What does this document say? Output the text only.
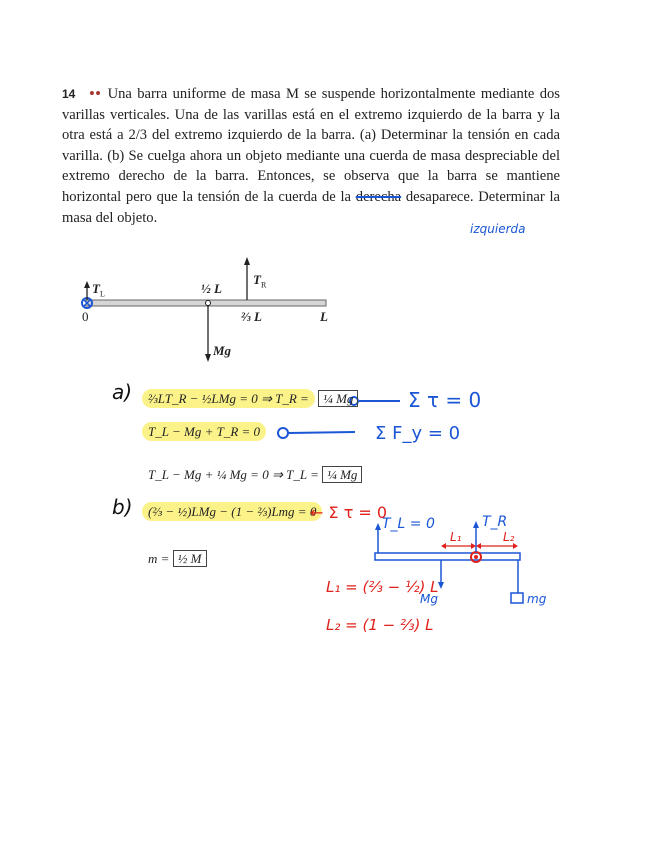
14 •• Una barra uniforme de masa M se suspende horizontalmente mediante dos varillas verticales. Una de las varillas está en el extremo izquierdo de la barra y la otra está a 2/3 del extremo izquierdo de la barra. (a) Determinar la tensión en cada varilla. (b) Se cuelga ahora un objeto mediante una cuerda de masa despreciable del extremo derecho de la barra. Entonces, se observa que la barra se mantiene horizontal pero que la tensión de la cuerda de la derecha desaparece. Determinar la masa del objeto.
izquierda
$T_L$
$T_R$
½ L
⅔ L	L
0
Mg
a)	⅔LT_R − ½LMg = 0 ⇒ T_R = ¼ Mg	Σ τ = 0
T_L − Mg + T_R = 0	Σ F_y = 0
T_L − Mg + ¼ Mg = 0 ⇒ T_L = ¼ Mg
b)	(⅔ − ½)LMg − (1 − ⅔)Lmg = 0
← Σ τ = 0
m = ½ M
T_L = 0	T_R
L₁	L₂
Mg	mg
L₁ = (⅔ − ½) L
L₂ = (1 − ⅔) L
